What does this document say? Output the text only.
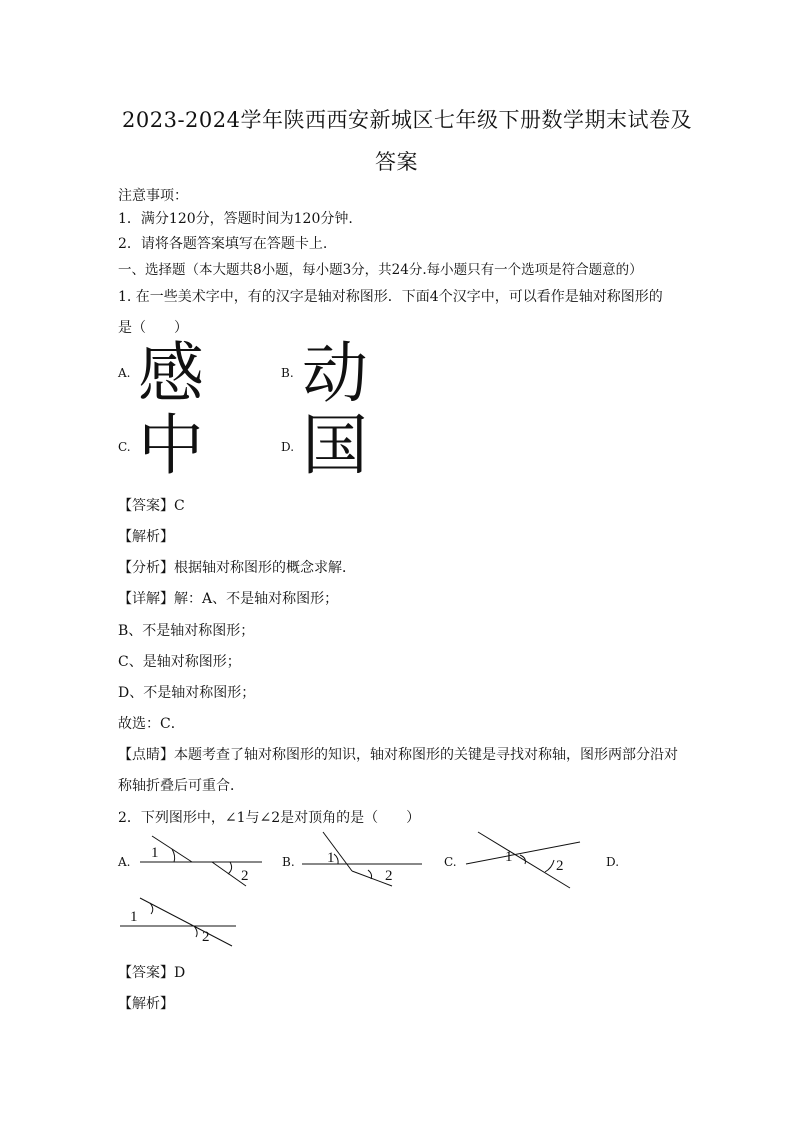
2023-2024学年陕西西安新城区七年级下册数学期末试卷及
答案
注意事项：
1．满分120分，答题时间为120分钟.
2．请将各题答案填写在答题卡上.
一、选择题（本大题共8小题，每小题3分，共24分.每小题只有一个选项是符合题意的）
1. 在一些美术字中，有的汉字是轴对称图形．下面4个汉字中，可以看作是轴对称图形的
是（　　）
A. 感	B. 动
C. 中	D. 国
【答案】C
【解析】
【分析】根据轴对称图形的概念求解．
【详解】解：A、不是轴对称图形；
B、不是轴对称图形；
C、是轴对称图形；
D、不是轴对称图形；
故选：C．
【点睛】本题考查了轴对称图形的知识，轴对称图形的关键是寻找对称轴，图形两部分沿对
称轴折叠后可重合．
2．下列图形中，∠1与∠2是对顶角的是（　　）
A.	B.	C.	D.
1
2
1
2
1
2
1
2
【答案】D
【解析】
